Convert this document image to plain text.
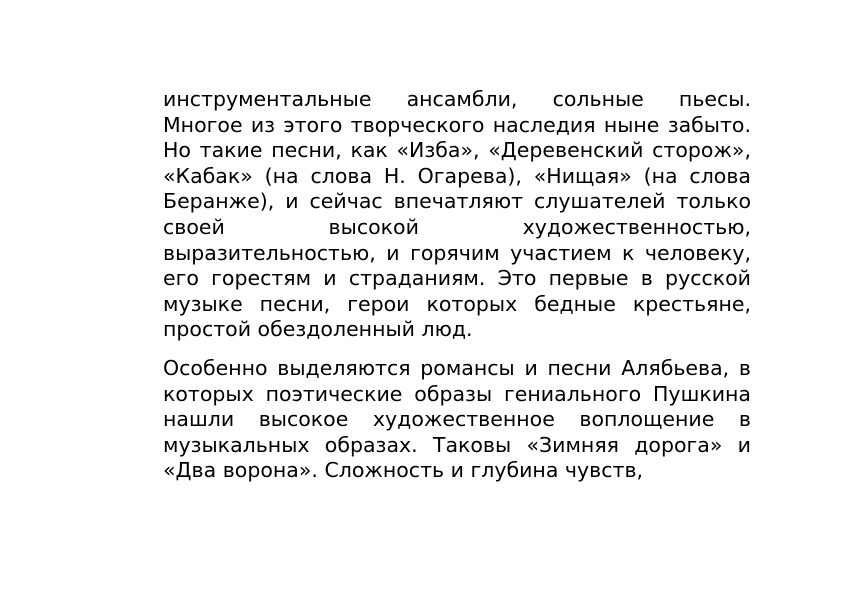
инструментальные ансамбли, сольные пьесы. Многое из этого творческого наследия ныне забыто. Но такие песни, как «Изба», «Деревенский сторож», «Кабак» (на слова Н. Огарева), «Нищая» (на слова Беранже), и сейчас впечатляют слушателей только своей высокой художественностью, выразительностью, и горячим участием к человеку, его горестям и страданиям. Это первые в русской музыке песни, герои которых бедные крестьяне, простой обездоленный люд.

Особенно выделяются романсы и песни Алябьева, в которых поэтические образы гениального Пушкина нашли высокое художественное воплощение в музыкальных образах. Таковы «Зимняя дорога» и «Два ворона». Сложность и глубина чувств,
